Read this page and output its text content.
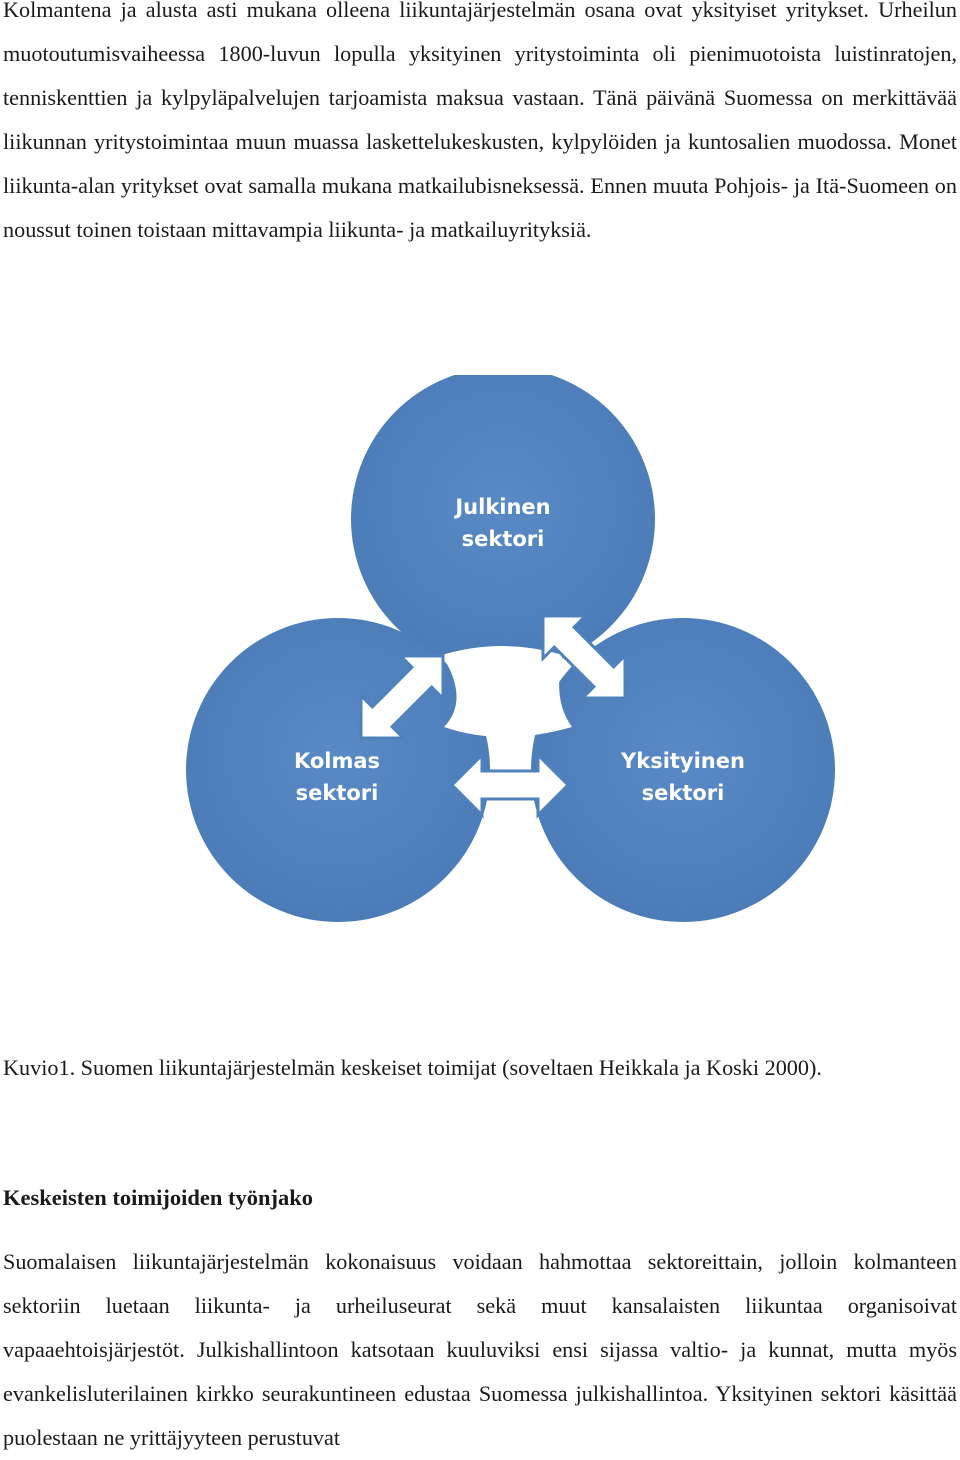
Kolmantena ja alusta asti mukana olleena liikuntajärjestelmän osana ovat yksityiset yritykset. Urheilun muotoutumisvaiheessa 1800-luvun lopulla yksityinen yritystoiminta oli pienimuotoista luistinratojen, tenniskenttien ja kylpyläpalvelujen tarjoamista maksua vastaan. Tänä päivänä Suomessa on merkittävää liikunnan yritystoimintaa muun muassa laskettelukeskusten, kylpylöiden ja kuntosalien muodossa. Monet liikunta-alan yritykset ovat samalla mukana matkailubisneksessä. Ennen muuta Pohjois- ja Itä-Suomeen on noussut toinen toistaan mittavampia liikunta- ja matkailuyrityksiä.

Julkinen
sektori
Kolmas
sektori
Yksityinen
sektori

Kuvio1. Suomen liikuntajärjestelmän keskeiset toimijat (soveltaen Heikkala ja Koski 2000).

Keskeisten toimijoiden työnjako

Suomalaisen liikuntajärjestelmän kokonaisuus voidaan hahmottaa sektoreittain, jolloin kolmanteen sektoriin luetaan liikunta- ja urheiluseurat sekä muut kansalaisten liikuntaa organisoivat vapaaehtoisjärjestöt. Julkishallintoon katsotaan kuuluviksi ensi sijassa valtio- ja kunnat, mutta myös evankelisluterilainen kirkko seurakuntineen edustaa Suomessa julkishallintoa. Yksityinen sektori käsittää puolestaan ne yrittäjyyteen perustuvat
